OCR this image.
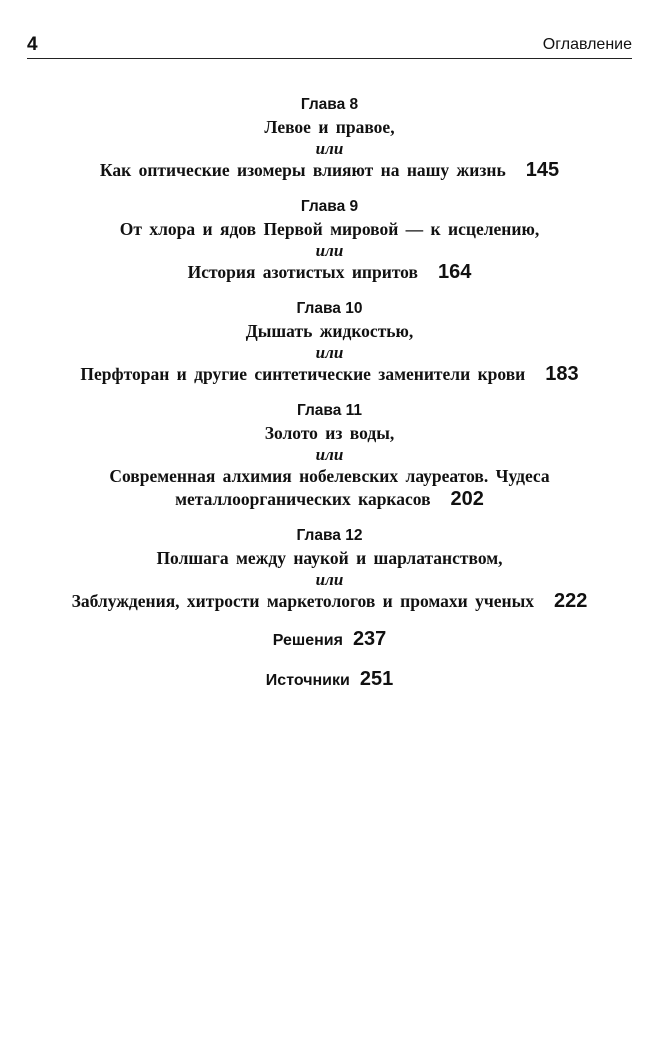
4	Оглавление
Глава 8
Левое и правое,
или
Как оптические изомеры влияют на нашу жизнь 145
Глава 9
От хлора и ядов Первой мировой — к исцелению,
или
История азотистых ипритов 164
Глава 10
Дышать жидкостью,
или
Перфторан и другие синтетические заменители крови 183
Глава 11
Золото из воды,
или
Современная алхимия нобелевских лауреатов. Чудеса
металлоорганических каркасов 202
Глава 12
Полшага между наукой и шарлатанством,
или
Заблуждения, хитрости маркетологов и промахи ученых 222
Решения 237
Источники 251
